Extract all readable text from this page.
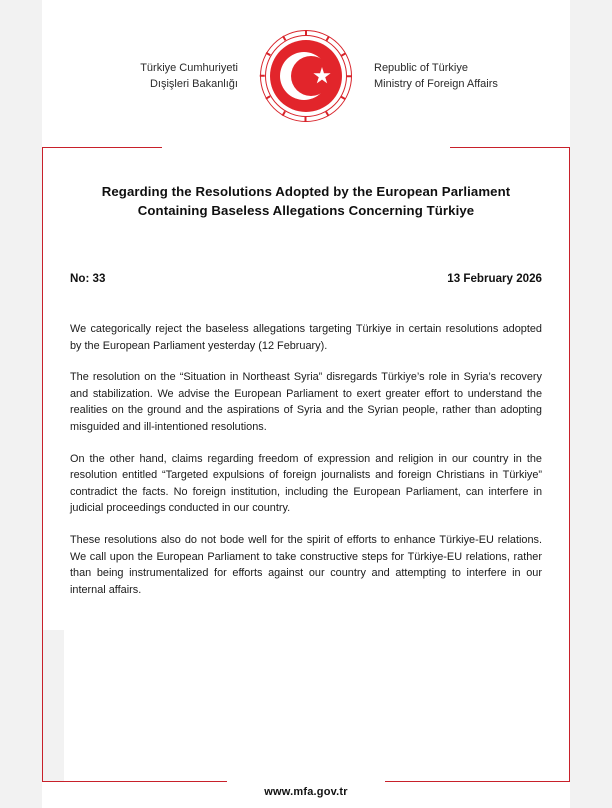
Türkiye Cumhuriyeti
Dışişleri Bakanlığı
Republic of Türkiye
Ministry of Foreign Affairs
Regarding the Resolutions Adopted by the European Parliament
Containing Baseless Allegations Concerning Türkiye
No: 33	13 February 2026

We categorically reject the baseless allegations targeting Türkiye in certain resolutions adopted by the European Parliament yesterday (12 February).

The resolution on the “Situation in Northeast Syria” disregards Türkiye’s role in Syria’s recovery and stabilization. We advise the European Parliament to exert greater effort to understand the realities on the ground and the aspirations of Syria and the Syrian people, rather than adopting misguided and ill-intentioned resolutions.

On the other hand, claims regarding freedom of expression and religion in our country in the resolution entitled “Targeted expulsions of foreign journalists and foreign Christians in Türkiye” contradict the facts. No foreign institution, including the European Parliament, can interfere in judicial proceedings conducted in our country.

These resolutions also do not bode well for the spirit of efforts to enhance Türkiye-EU relations. We call upon the European Parliament to take constructive steps for Türkiye-EU relations, rather than being instrumentalized for efforts against our country and attempting to interfere in our internal affairs.

www.mfa.gov.tr
